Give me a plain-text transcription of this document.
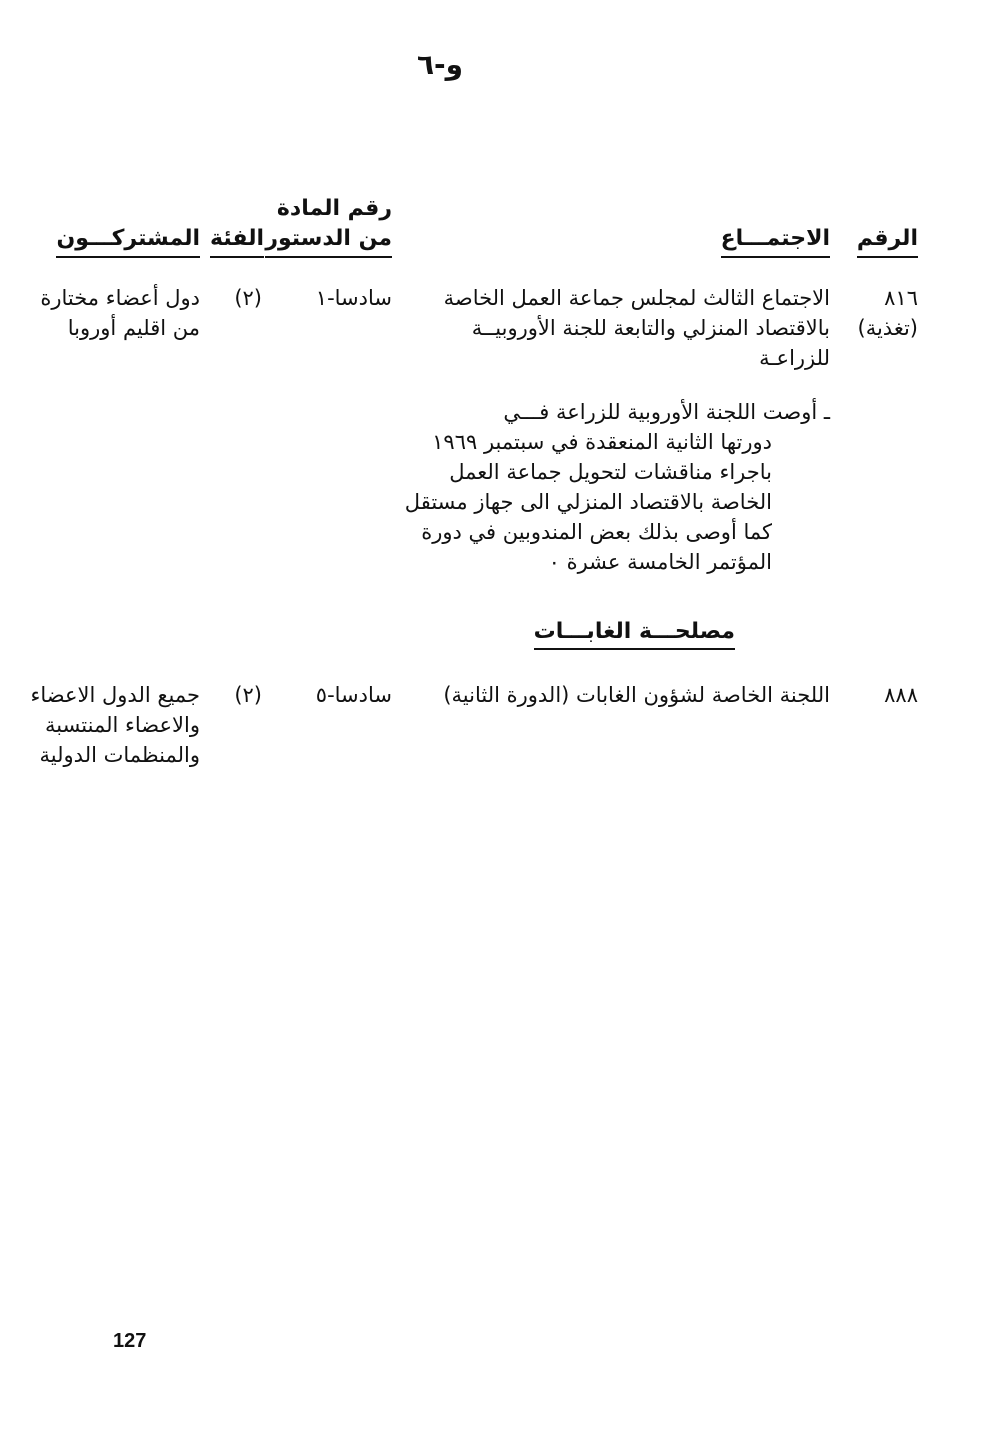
و-٦
الرقم
الاجتمـــاع
رقم المادة
من الدستور
الفئة
المشتركـــون
٨١٦
(تغذية)
الاجتماع الثالث لمجلس جماعة العمل الخاصة
بالاقتصاد المنزلي والتابعة للجنة الأوروبيــة
للزراعـة
سادسا-١
(٢)
دول أعضاء مختارة
من اقليم أوروبا
ـ أوصت اللجنة الأوروبية للزراعة فـــي
دورتها الثانية المنعقدة في سبتمبر ١٩٦٩
باجراء مناقشات لتحويل جماعة العمل
الخاصة بالاقتصاد المنزلي الى جهاز مستقل
كما أوصى بذلك بعض المندوبين في دورة
المؤتمر الخامسة عشرة ٠
مصلحـــة الغابـــات
٨٨٨
اللجنة الخاصة لشؤون الغابات (الدورة الثانية)
سادسا-٥
(٢)
جميع الدول الاعضاء
والاعضاء المنتسبة
والمنظمات الدولية
127
